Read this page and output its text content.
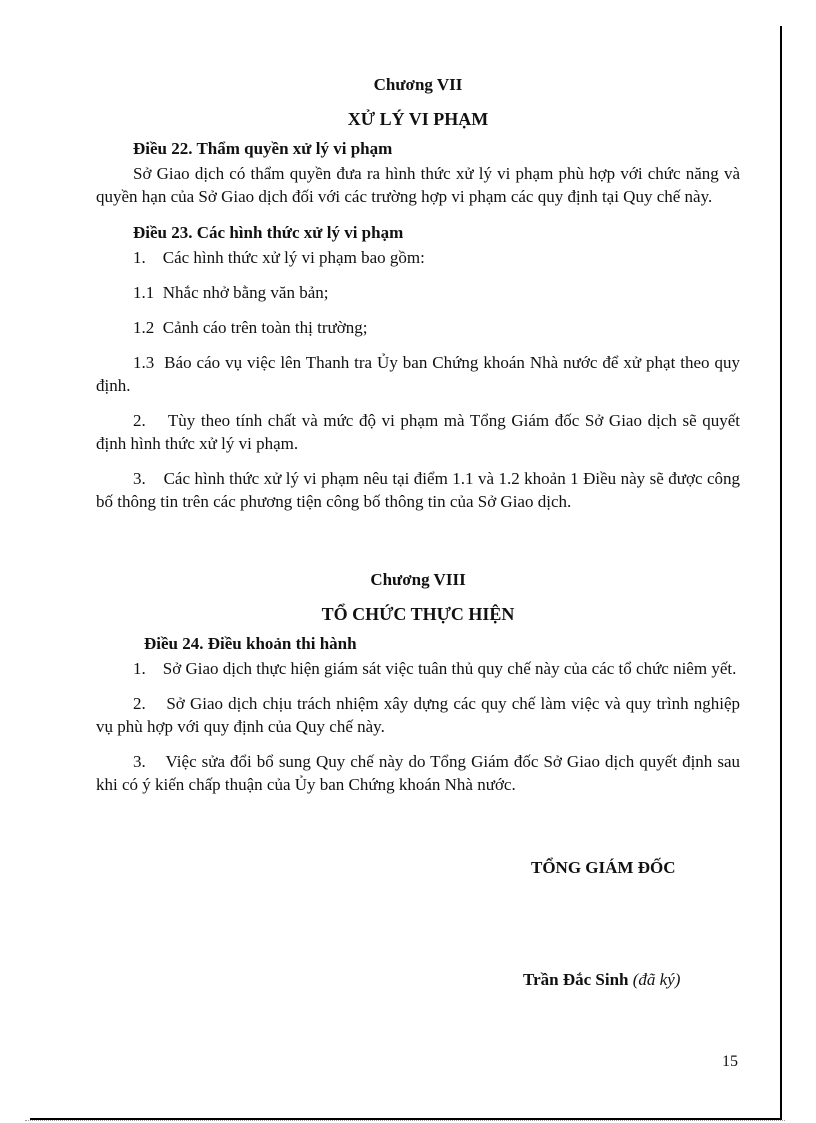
Chương VII

XỬ LÝ VI PHẠM

Điều 22. Thẩm quyền xử lý vi phạm

Sở Giao dịch có thẩm quyền đưa ra hình thức xử lý vi phạm phù hợp với chức năng và quyền hạn của Sở Giao dịch đối với các trường hợp vi phạm các quy định tại Quy chế này.

Điều 23. Các hình thức xử lý vi phạm

1.    Các hình thức xử lý vi phạm bao gồm:

1.1  Nhắc nhở bằng văn bản;

1.2  Cảnh cáo trên toàn thị trường;

1.3  Báo cáo vụ việc lên Thanh tra Ủy ban Chứng khoán Nhà nước để xử phạt theo quy định.

2.    Tùy theo tính chất và mức độ vi phạm mà Tổng Giám đốc Sở Giao dịch sẽ quyết định hình thức xử lý vi phạm.

3.    Các hình thức xử lý vi phạm nêu tại điểm 1.1 và 1.2 khoản 1 Điều này sẽ được công bố thông tin trên các phương tiện công bố thông tin của Sở Giao dịch.

Chương VIII

TỔ CHỨC THỰC HIỆN

Điều 24. Điều khoản thi hành

1.    Sở Giao dịch thực hiện giám sát việc tuân thủ quy chế này của các tổ chức niêm yết.

2.    Sở Giao dịch chịu trách nhiệm xây dựng các quy chế làm việc và quy trình nghiệp vụ phù hợp với quy định của Quy chế này.

3.    Việc sửa đổi bổ sung Quy chế này do Tổng Giám đốc Sở Giao dịch quyết định sau khi có ý kiến chấp thuận của Ủy ban Chứng khoán Nhà nước.

TỔNG GIÁM ĐỐC
Trần Đắc Sinh (đã ký)
15
